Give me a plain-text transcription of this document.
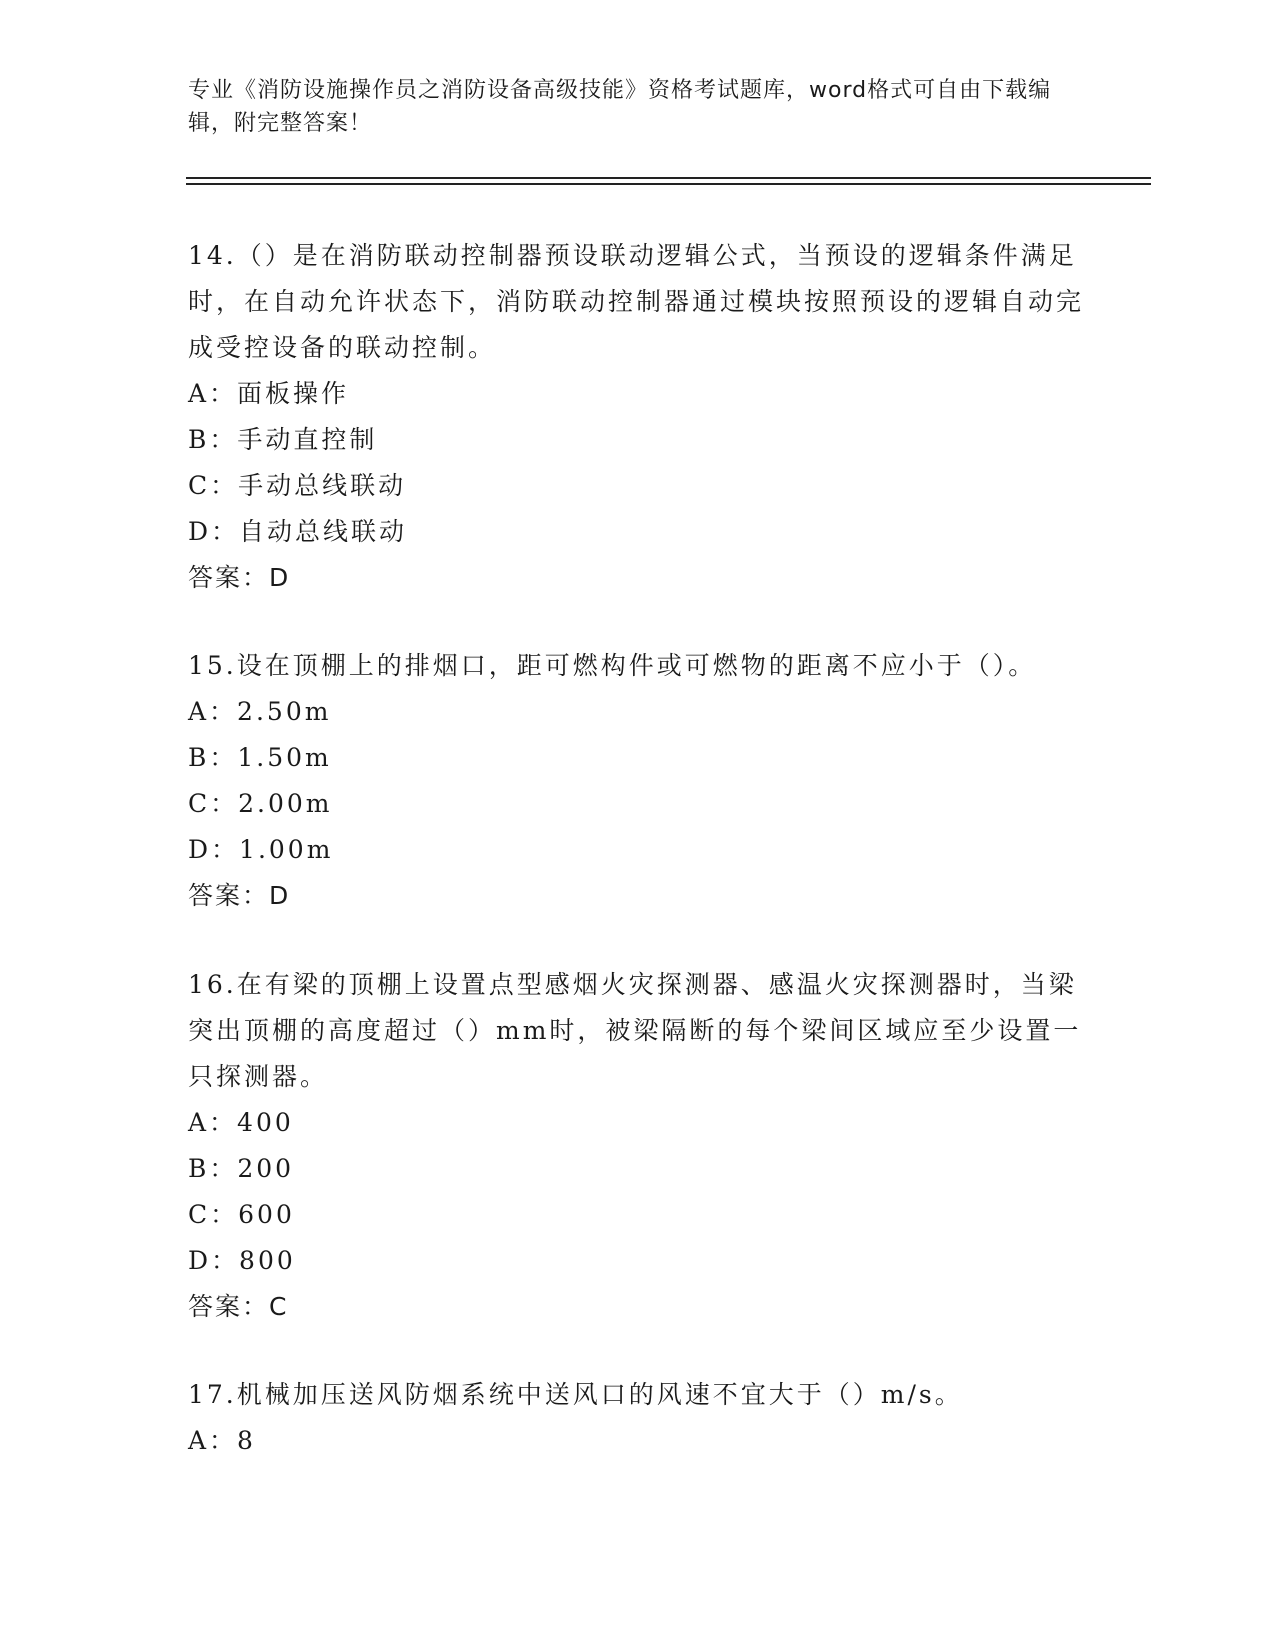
专业《消防设施操作员之消防设备高级技能》资格考试题库，word格式可自由下载编辑，附完整答案！

14.（）是在消防联动控制器预设联动逻辑公式，当预设的逻辑条件满足时，在自动允许状态下，消防联动控制器通过模块按照预设的逻辑自动完成受控设备的联动控制。

A：面板操作

B：手动直控制

C：手动总线联动

D：自动总线联动

答案：D

15.设在顶棚上的排烟口，距可燃构件或可燃物的距离不应小于（）。

A：2.50m

B：1.50m

C：2.00m

D：1.00m

答案：D

16.在有梁的顶棚上设置点型感烟火灾探测器、感温火灾探测器时，当梁突出顶棚的高度超过（）mm时，被梁隔断的每个梁间区域应至少设置一只探测器。

A：400

B：200

C：600

D：800

答案：C

17.机械加压送风防烟系统中送风口的风速不宜大于（）m/s。

A：8
